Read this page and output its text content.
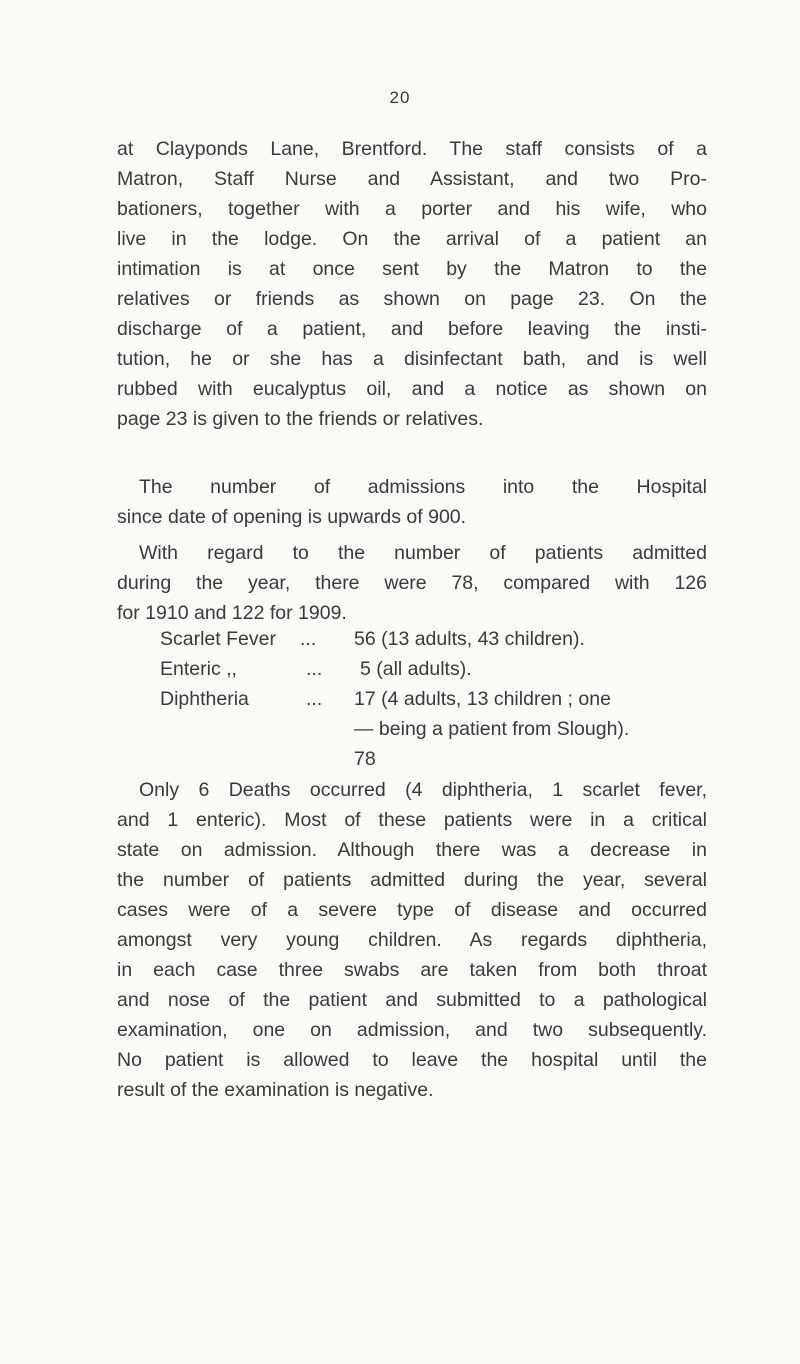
20
at Clayponds Lane, Brentford. The staff consists of a
Matron, Staff Nurse and Assistant, and two Pro-
bationers, together with a porter and his wife, who
live in the lodge. On the arrival of a patient an
intimation is at once sent by the Matron to the
relatives or friends as shown on page 23. On the
discharge of a patient, and before leaving the insti-
tution, he or she has a disinfectant bath, and is well
rubbed with eucalyptus oil, and a notice as shown on
page 23 is given to the friends or relatives.
The number of admissions into the Hospital
since date of opening is upwards of 900.
With regard to the number of patients admitted
during the year, there were 78, compared with 126
for 1910 and 122 for 1909.
Scarlet Fever ... 56 (13 adults, 43 children).
Enteric ,,	... 5 (all adults).
Diphtheria	... 17 (4 adults, 13 children ; one
— being a patient from Slough).
78
Only 6 Deaths occurred (4 diphtheria, 1 scarlet fever,
and 1 enteric). Most of these patients were in a critical
state on admission. Although there was a decrease in
the number of patients admitted during the year, several
cases were of a severe type of disease and occurred
amongst very young children. As regards diphtheria,
in each case three swabs are taken from both throat
and nose of the patient and submitted to a pathological
examination, one on admission, and two subsequently.
No patient is allowed to leave the hospital until the
result of the examination is negative.
